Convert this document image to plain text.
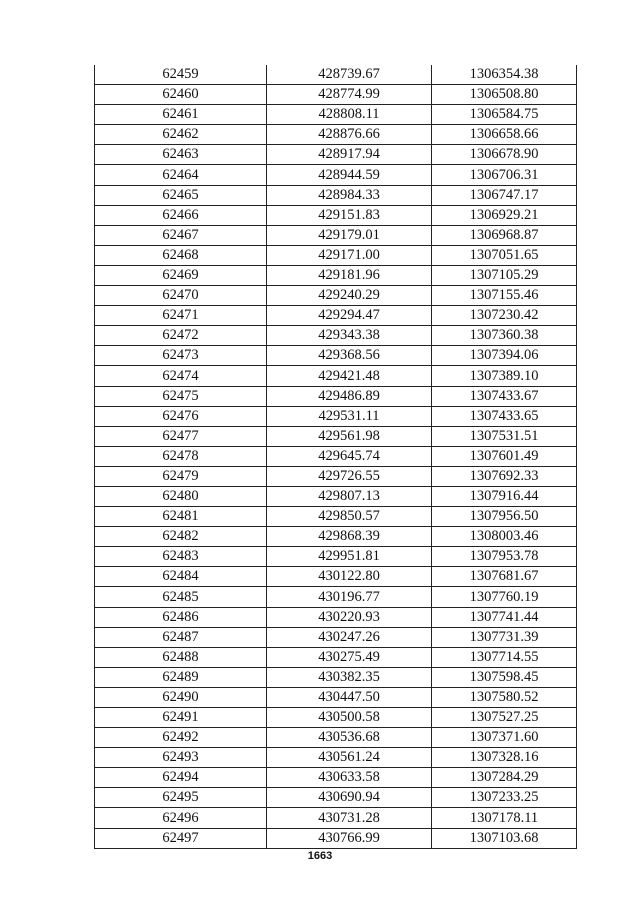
62459	428739.67	1306354.38
62460	428774.99	1306508.80
62461	428808.11	1306584.75
62462	428876.66	1306658.66
62463	428917.94	1306678.90
62464	428944.59	1306706.31
62465	428984.33	1306747.17
62466	429151.83	1306929.21
62467	429179.01	1306968.87
62468	429171.00	1307051.65
62469	429181.96	1307105.29
62470	429240.29	1307155.46
62471	429294.47	1307230.42
62472	429343.38	1307360.38
62473	429368.56	1307394.06
62474	429421.48	1307389.10
62475	429486.89	1307433.67
62476	429531.11	1307433.65
62477	429561.98	1307531.51
62478	429645.74	1307601.49
62479	429726.55	1307692.33
62480	429807.13	1307916.44
62481	429850.57	1307956.50
62482	429868.39	1308003.46
62483	429951.81	1307953.78
62484	430122.80	1307681.67
62485	430196.77	1307760.19
62486	430220.93	1307741.44
62487	430247.26	1307731.39
62488	430275.49	1307714.55
62489	430382.35	1307598.45
62490	430447.50	1307580.52
62491	430500.58	1307527.25
62492	430536.68	1307371.60
62493	430561.24	1307328.16
62494	430633.58	1307284.29
62495	430690.94	1307233.25
62496	430731.28	1307178.11
62497	430766.99	1307103.68
1663
